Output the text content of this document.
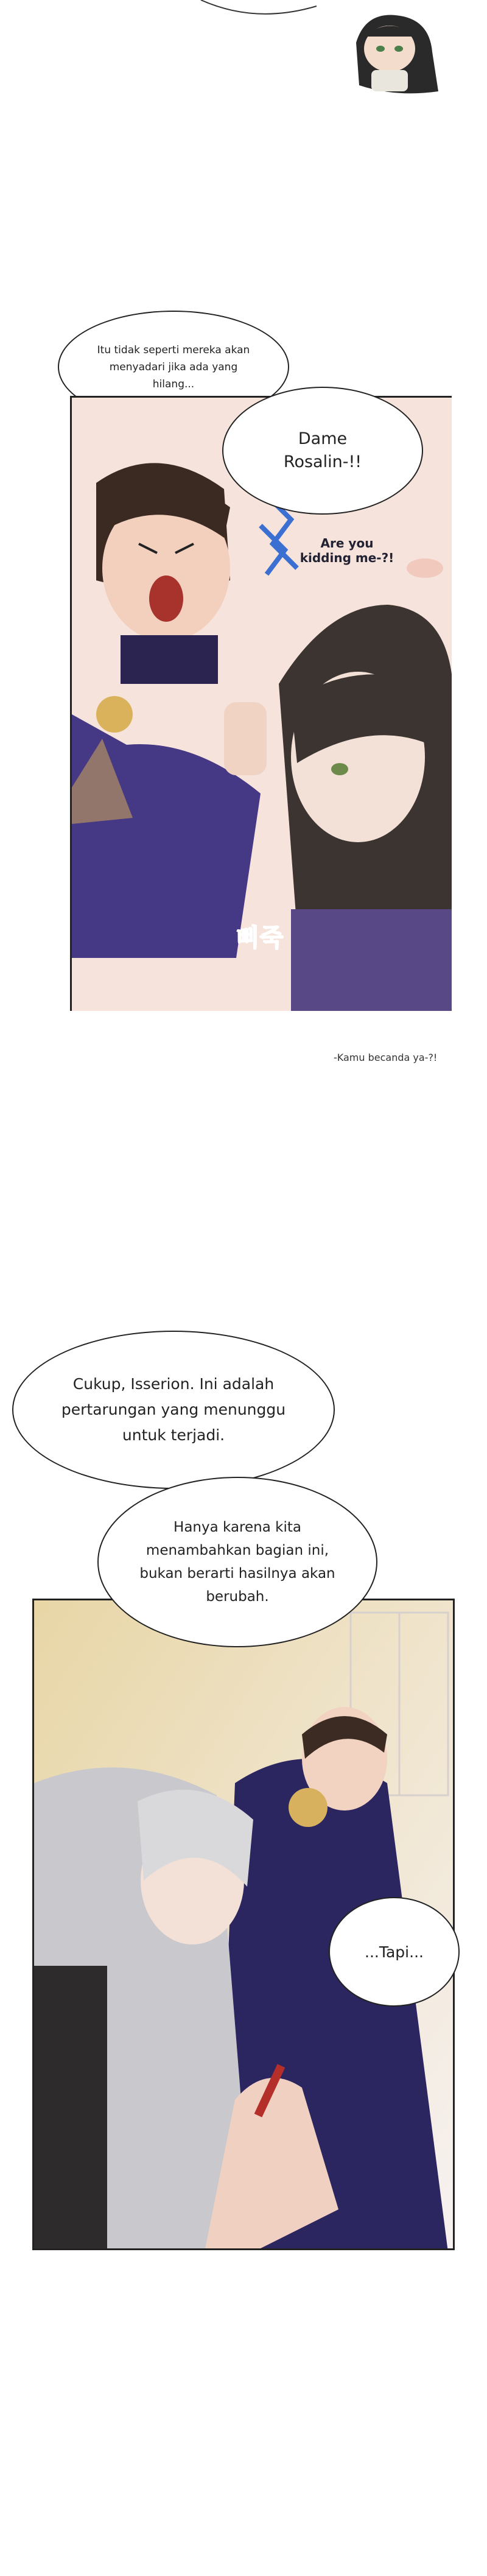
Itu tidak seperti mereka akan menyadari jika ada yang hilang...
삐죽
Dame Rosalin-!!
Are you kidding me-?!
-Kamu becanda ya-?!
Cukup, Isserion. Ini adalah pertarungan yang menunggu untuk terjadi.
Hanya karena kita menambahkan bagian ini, bukan berarti hasilnya akan berubah.
...Tapi...
